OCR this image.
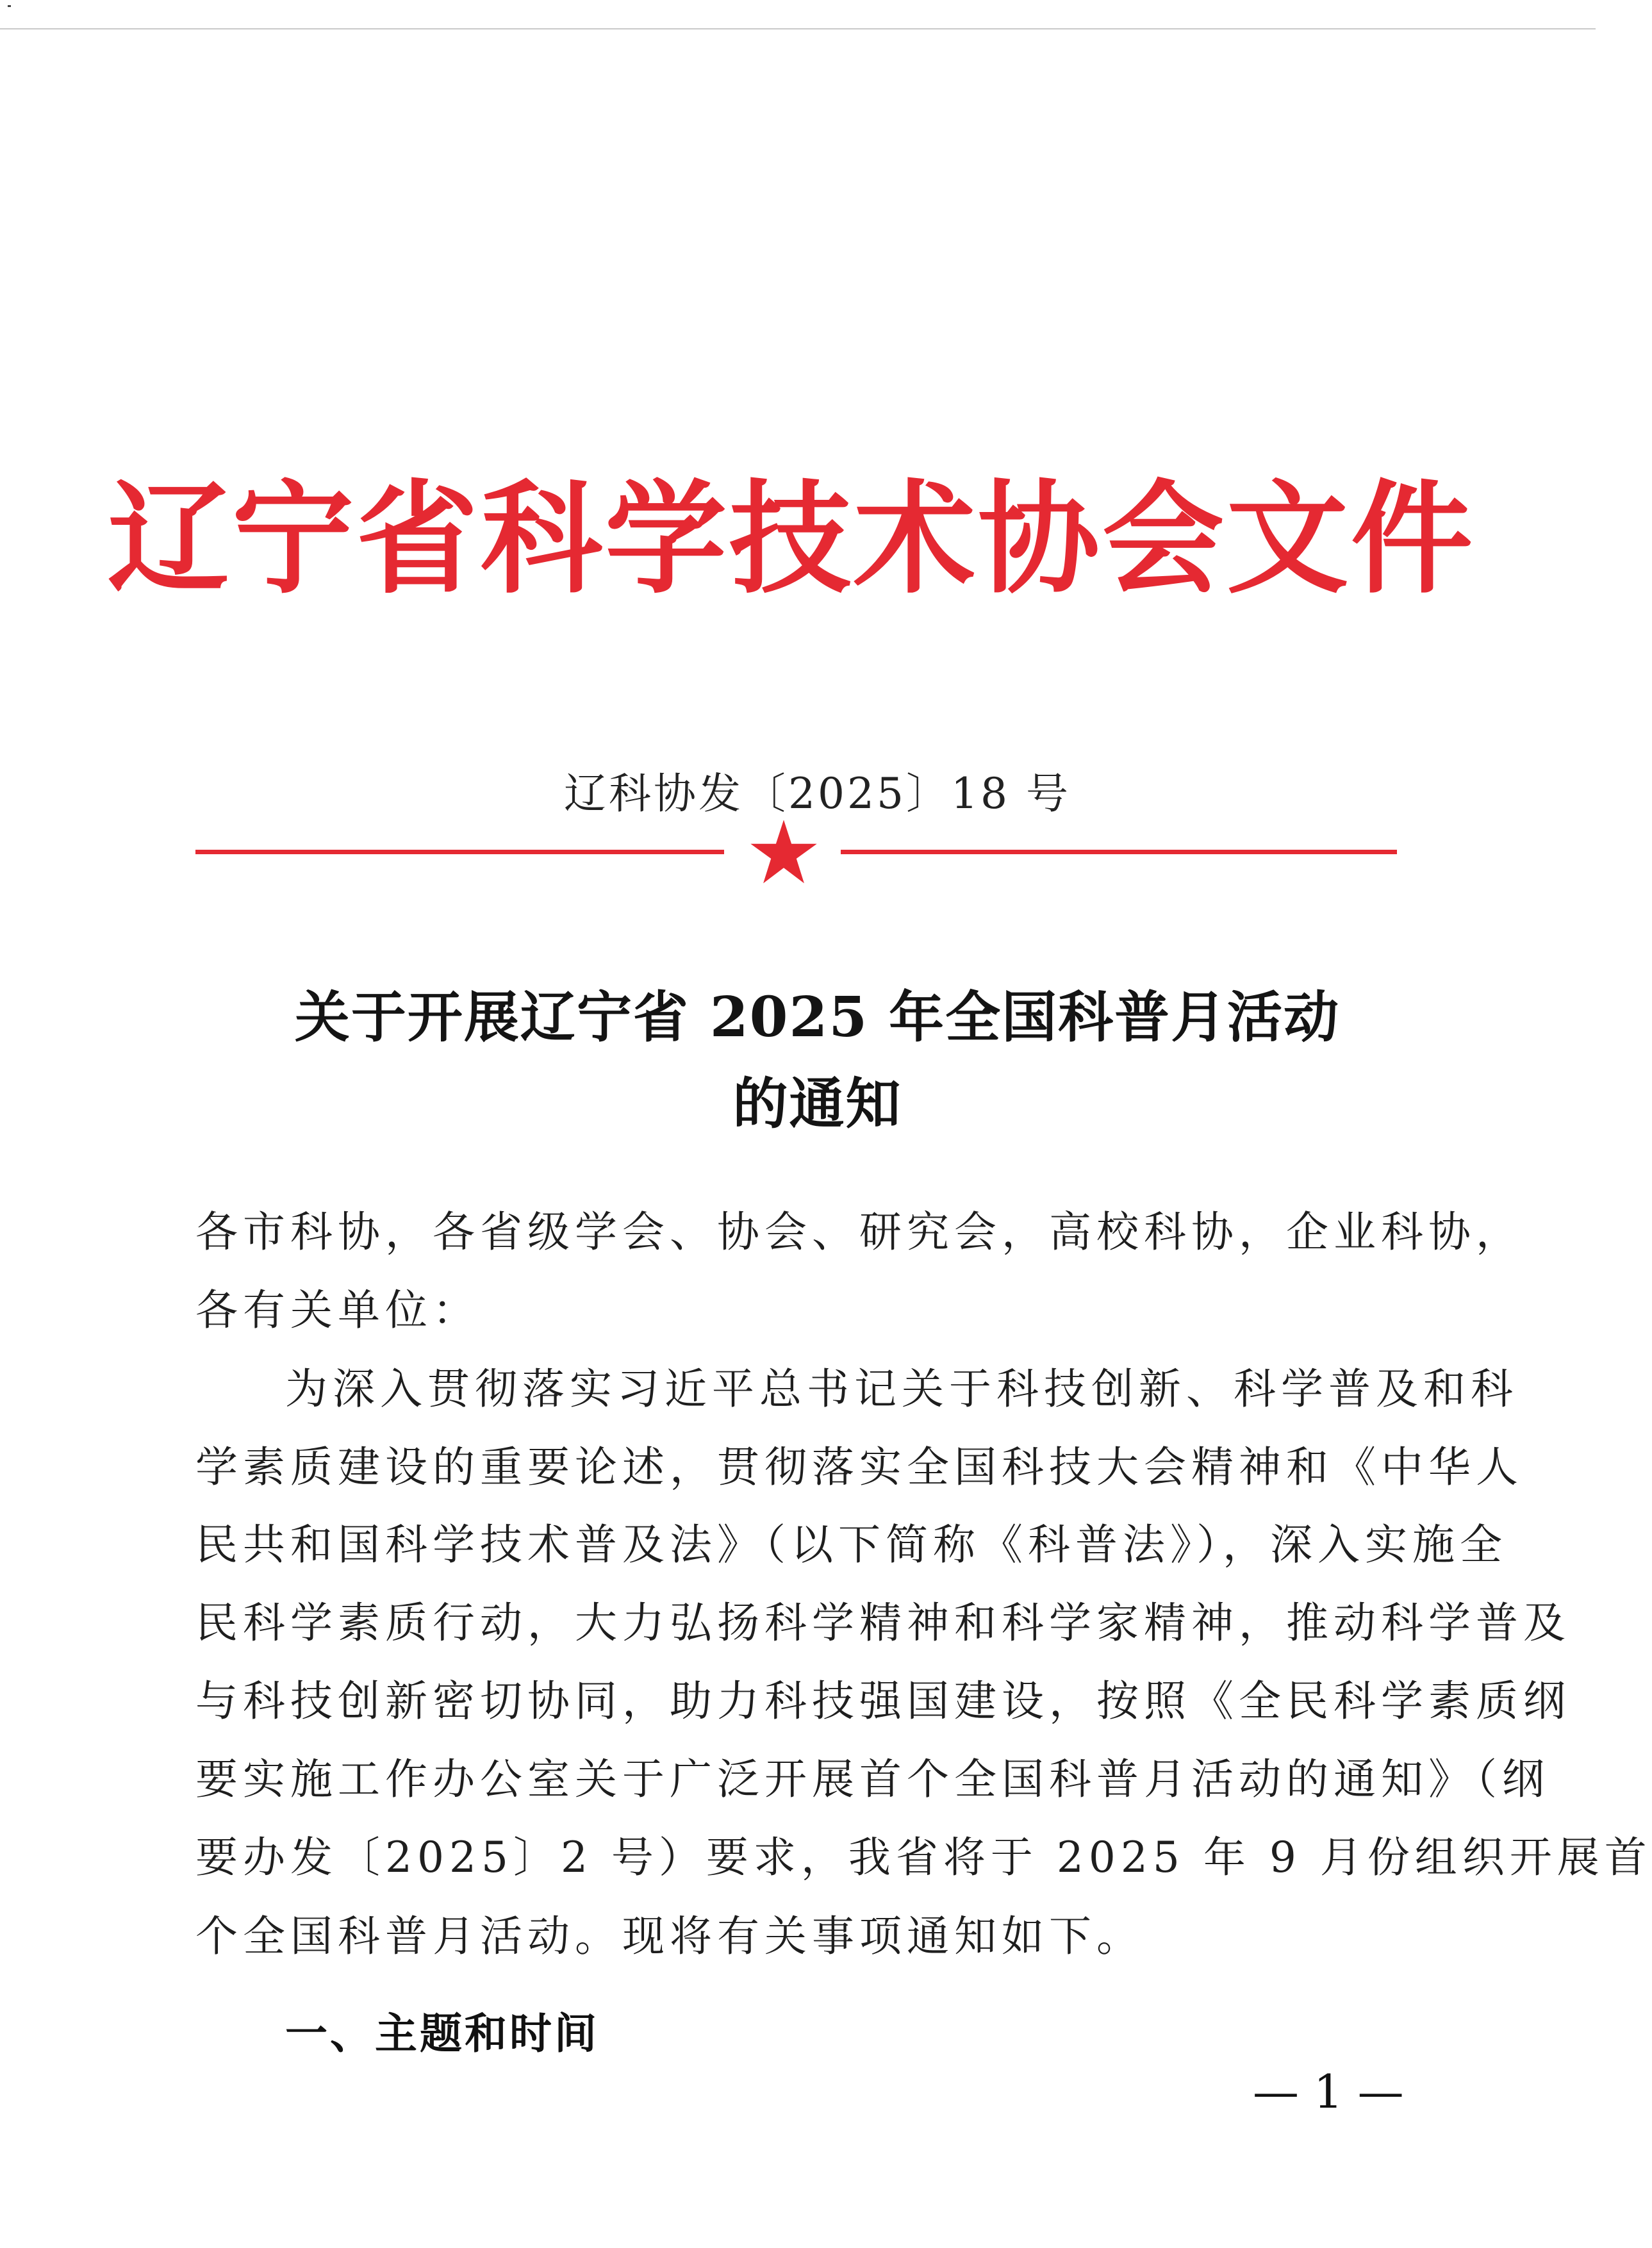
辽宁省科学技术协会文件
辽科协发〔2025〕18 号
关于开展辽宁省 2025 年全国科普月活动
的通知
各市科协，各省级学会、协会、研究会，高校科协，企业科协，
各有关单位：
为深入贯彻落实习近平总书记关于科技创新、科学普及和科
学素质建设的重要论述，贯彻落实全国科技大会精神和《中华人
民共和国科学技术普及法》（以下简称《科普法》），深入实施全
民科学素质行动，大力弘扬科学精神和科学家精神，推动科学普及
与科技创新密切协同，助力科技强国建设，按照《全民科学素质纲
要实施工作办公室关于广泛开展首个全国科普月活动的通知》（纲
要办发〔2025〕2 号）要求，我省将于 2025 年 9 月份组织开展首
个全国科普月活动。现将有关事项通知如下。
一、主题和时间
— 1 —
